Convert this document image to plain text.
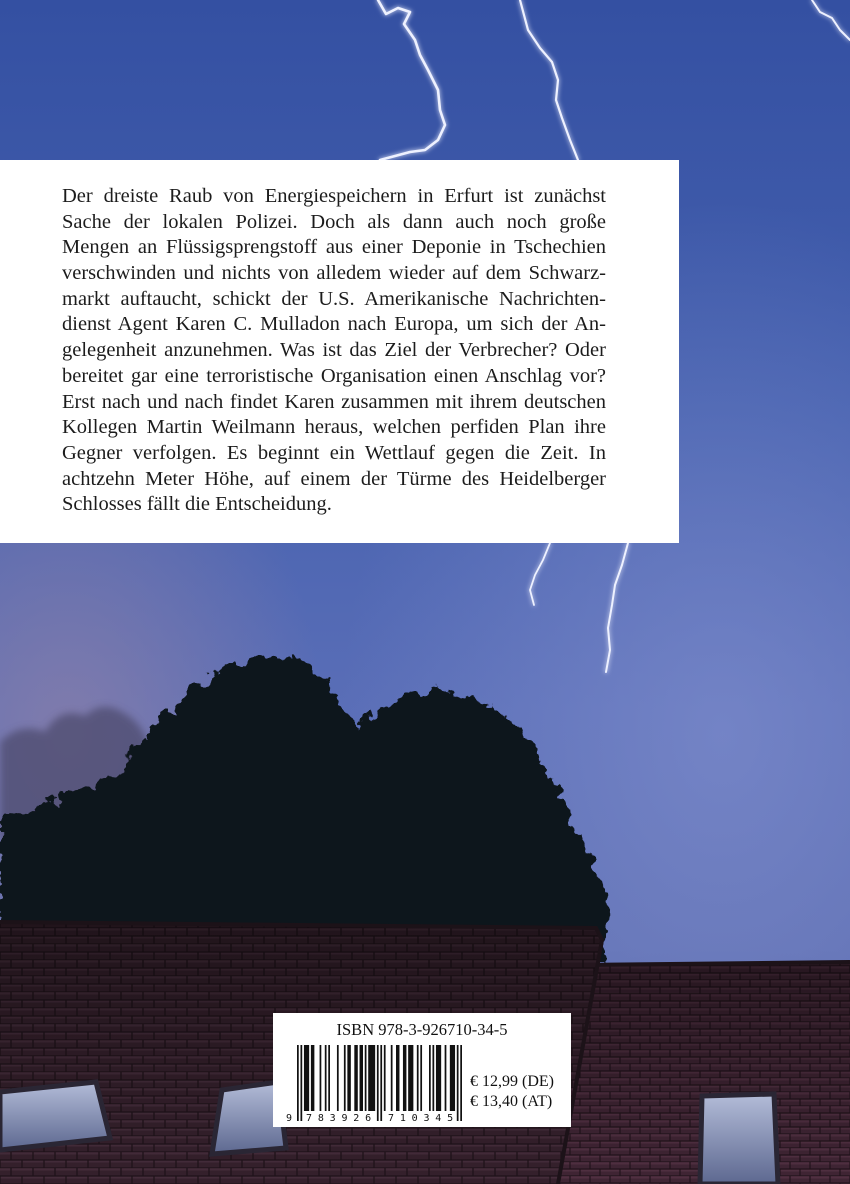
Der dreiste Raub von Energiespeichern in Erfurt ist zunächst
Sache der lokalen Polizei. Doch als dann auch noch große
Mengen an Flüssigsprengstoff aus einer Deponie in Tschechien
verschwinden und nichts von alledem wieder auf dem Schwarz-
markt auftaucht, schickt der U.S. Amerikanische Nachrichten-
dienst Agent Karen C. Mulladon nach Europa, um sich der An-
gelegenheit anzunehmen. Was ist das Ziel der Verbrecher? Oder
bereitet gar eine terroristische Organisation einen Anschlag vor?
Erst nach und nach findet Karen zusammen mit ihrem deutschen
Kollegen Martin Weilmann heraus, welchen perfiden Plan ihre
Gegner verfolgen. Es beginnt ein Wettlauf gegen die Zeit. In
achtzehn Meter Höhe, auf einem der Türme des Heidelberger
Schlosses fällt die Entscheidung.
ISBN 978-3-926710-34-5
9 783926 710345
€ 12,99 (DE)
€ 13,40 (AT)
